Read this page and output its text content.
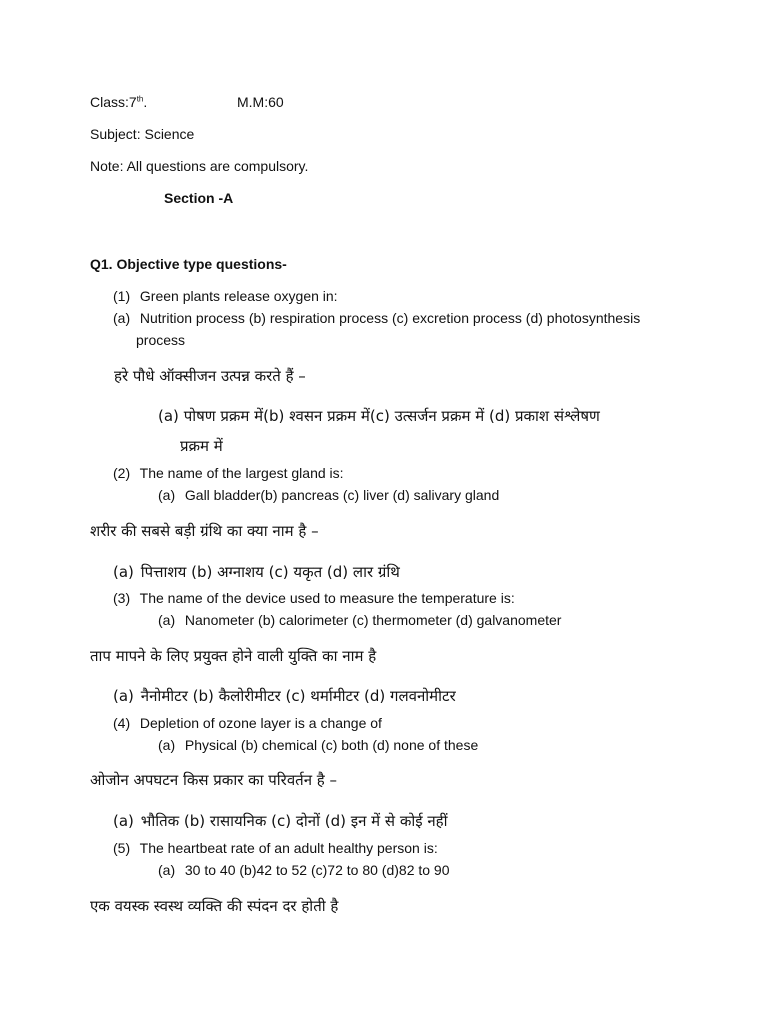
Class:7th.	M.M:60
Subject: Science
Note: All questions are compulsory.
Section -A
Q1. Objective type questions-
(1) Green plants release oxygen in:
(a) Nutrition process (b) respiration process (c) excretion process (d) photosynthesis
process
हरे पौधे ऑक्सीजन उत्पन्न करते हैं –
(a) पोषण प्रक्रम में(b) श्वसन प्रक्रम में(c) उत्सर्जन प्रक्रम में (d) प्रकाश संश्लेषण
प्रक्रम में
(2) The name of the largest gland is:
(a) Gall bladder(b) pancreas (c) liver (d) salivary gland
शरीर की सबसे बड़ी ग्रंथि का क्या नाम है –
(a) पित्ताशय (b) अग्नाशय (c) यकृत (d) लार ग्रंथि
(3) The name of the device used to measure the temperature is:
(a) Nanometer (b) calorimeter (c) thermometer (d) galvanometer
ताप मापने के लिए प्रयुक्त होने वाली युक्ति का नाम है
(a) नैनोमीटर (b) कैलोरीमीटर (c) थर्मामीटर (d) गलवनोमीटर
(4) Depletion of ozone layer is a change of
(a) Physical (b) chemical (c) both (d) none of these
ओजोन अपघटन किस प्रकार का परिवर्तन है –
(a) भौतिक (b) रासायनिक (c) दोनों (d) इन में से कोई नहीं
(5) The heartbeat rate of an adult healthy person is:
(a) 30 to 40 (b)42 to 52 (c)72 to 80 (d)82 to 90
एक वयस्क स्वस्थ व्यक्ति की स्पंदन दर होती है
